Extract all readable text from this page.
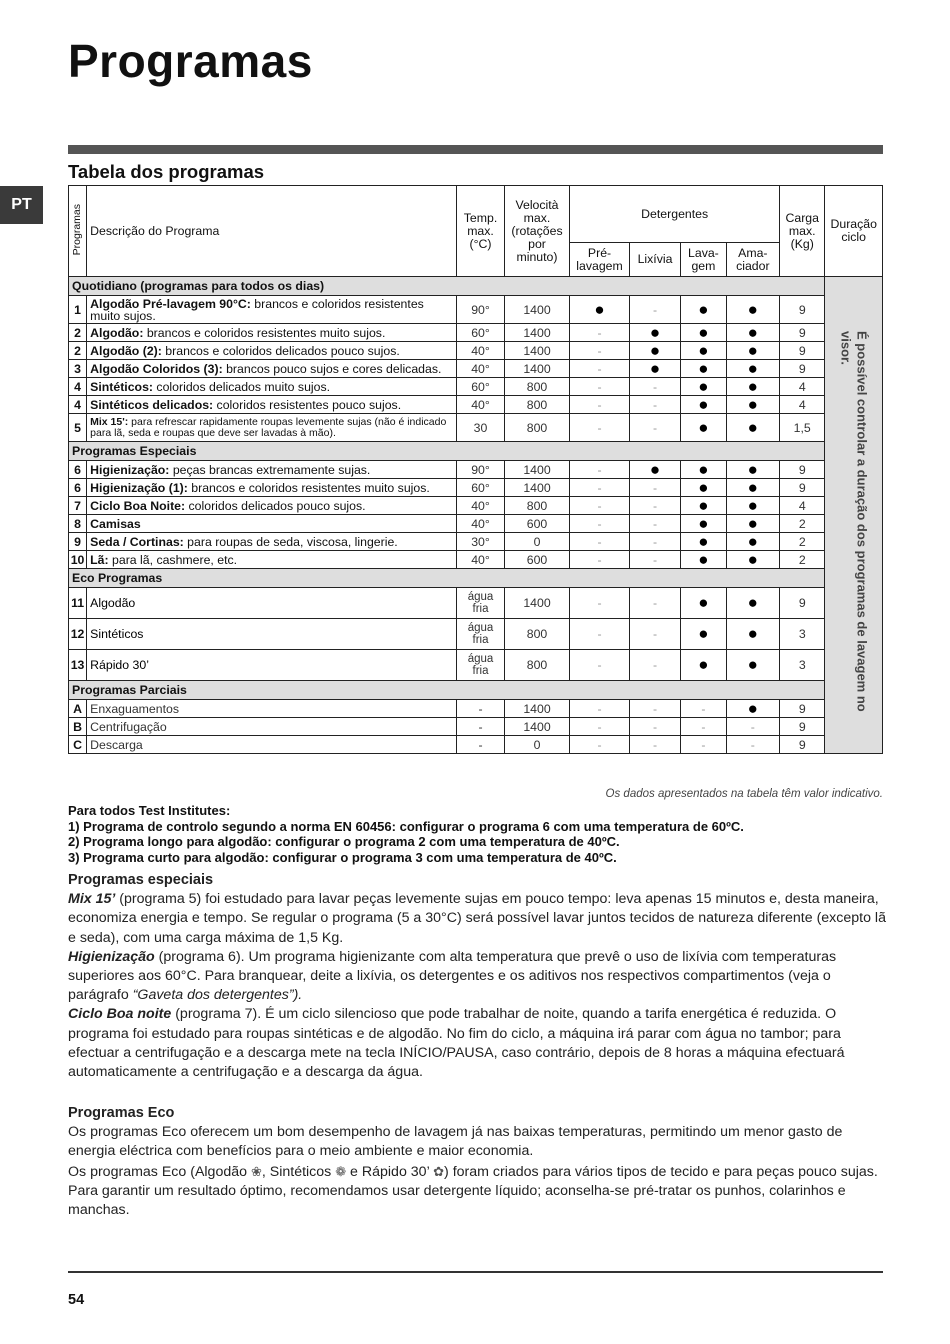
Programas
PT
Tabela dos programas
Programas	Descrição do Programa	Temp. max. (°C)	Velocità max. (rotações por minuto)	Detergentes				Carga max. (Kg)	Duração ciclo
				Pré-lavagem	Lixívia	Lava-gem	Ama-ciador		
Quotidiano (programas para todos os dias)									É possível controlar a duração dos programas de lavagem no visor.

1	Algodão Pré-lavagem 90°C: brancos e coloridos resistentes muito sujos.	90°	1400	●	-	●	●	9	
2	Algodão: brancos e coloridos resistentes muito sujos.	60°	1400	-	●	●	●	9	
2	Algodão (2): brancos e coloridos delicados pouco sujos.	40°	1400	-	●	●	●	9	
3	Algodão Coloridos (3): brancos pouco sujos e cores delicadas.	40°	1400	-	●	●	●	9	
4	Sintéticos: coloridos delicados muito sujos.	60°	800	-	-	●	●	4	
4	Sintéticos delicados: coloridos resistentes pouco sujos.	40°	800	-	-	●	●	4	
5	Mix 15': para refrescar rapidamente roupas levemente sujas (não é indicado para lã, seda e roupas que deve ser lavadas à mão).	30	800	-	-	●	●	1,5	
Programas Especiais									
6	Higienização: peças brancas extremamente sujas.	90°	1400	-	●	●	●	9	
6	Higienização (1): brancos e coloridos resistentes muito sujos.	60°	1400	-	-	●	●	9	
7	Ciclo Boa Noite: coloridos delicados pouco sujos.	40°	800	-	-	●	●	4	
8	Camisas	40°	600	-	-	●	●	2	
9	Seda / Cortinas: para roupas de seda, viscosa, lingerie.	30°	0	-	-	●	●	2	
10	Lã: para lã, cashmere, etc.	40°	600	-	-	●	●	2	
Eco Programas									
11	Algodão	água fria	1400	-	-	●	●	9	
12	Sintéticos	água fria	800	-	-	●	●	3	
13	Rápido 30’	água fria	800	-	-	●	●	3	
Programas Parciais									
A	Enxaguamentos	-	1400	-	-	-	●	9	
B	Centrifugação	-	1400	-	-	-	-	9	
C	Descarga	-	0	-	-	-	-	9	
Os dados apresentados na tabela têm valor indicativo.
Para todos Test Institutes:
1) Programa de controlo segundo a norma EN 60456: configurar o programa 6 com uma temperatura de 60ºC.
2) Programa longo para algodão: configurar o programa 2 com uma temperatura de 40ºC.
3) Programa curto para algodão: configurar o programa 3 com uma temperatura de 40ºC.
Programas especiais

Mix 15’ (programa 5) foi estudado para lavar peças levemente sujas em pouco tempo: leva apenas 15 minutos e, desta maneira, economiza energia e tempo. Se regular o programa (5 a 30°C) será possível lavar juntos tecidos de natureza diferente (excepto lã e seda), com uma carga máxima de 1,5 Kg.

Higienização (programa 6). Um programa higienizante com alta temperatura que prevê o uso de lixívia com temperaturas superiores aos 60°C. Para branquear, deite a lixívia, os detergentes e os aditivos nos respectivos compartimentos (veja o parágrafo “Gaveta dos detergentes”).

Ciclo Boa noite (programa 7). É um ciclo silencioso que pode trabalhar de noite, quando a tarifa energética é reduzida. O programa foi estudado para roupas sintéticas e de algodão. No fim do ciclo, a máquina irá parar com água no tambor; para efectuar a centrifugação e a descarga mete na tecla INÍCIO/PAUSA, caso contrário, depois de 8 horas a máquina efectuará automaticamente a centrifugação e a descarga da água.

Programas Eco

Os programas Eco oferecem um bom desempenho de lavagem já nas baixas temperaturas, permitindo um menor gasto de energia eléctrica com benefícios para o meio ambiente e maior economia.

Os programas Eco (Algodão ❀, Sintéticos ❁ e Rápido 30’ ✿) foram criados para vários tipos de tecido e para peças pouco sujas.

Para garantir um resultado óptimo, recomendamos usar detergente líquido; aconselha-se pré-tratar os punhos, colarinhos e manchas.

54
